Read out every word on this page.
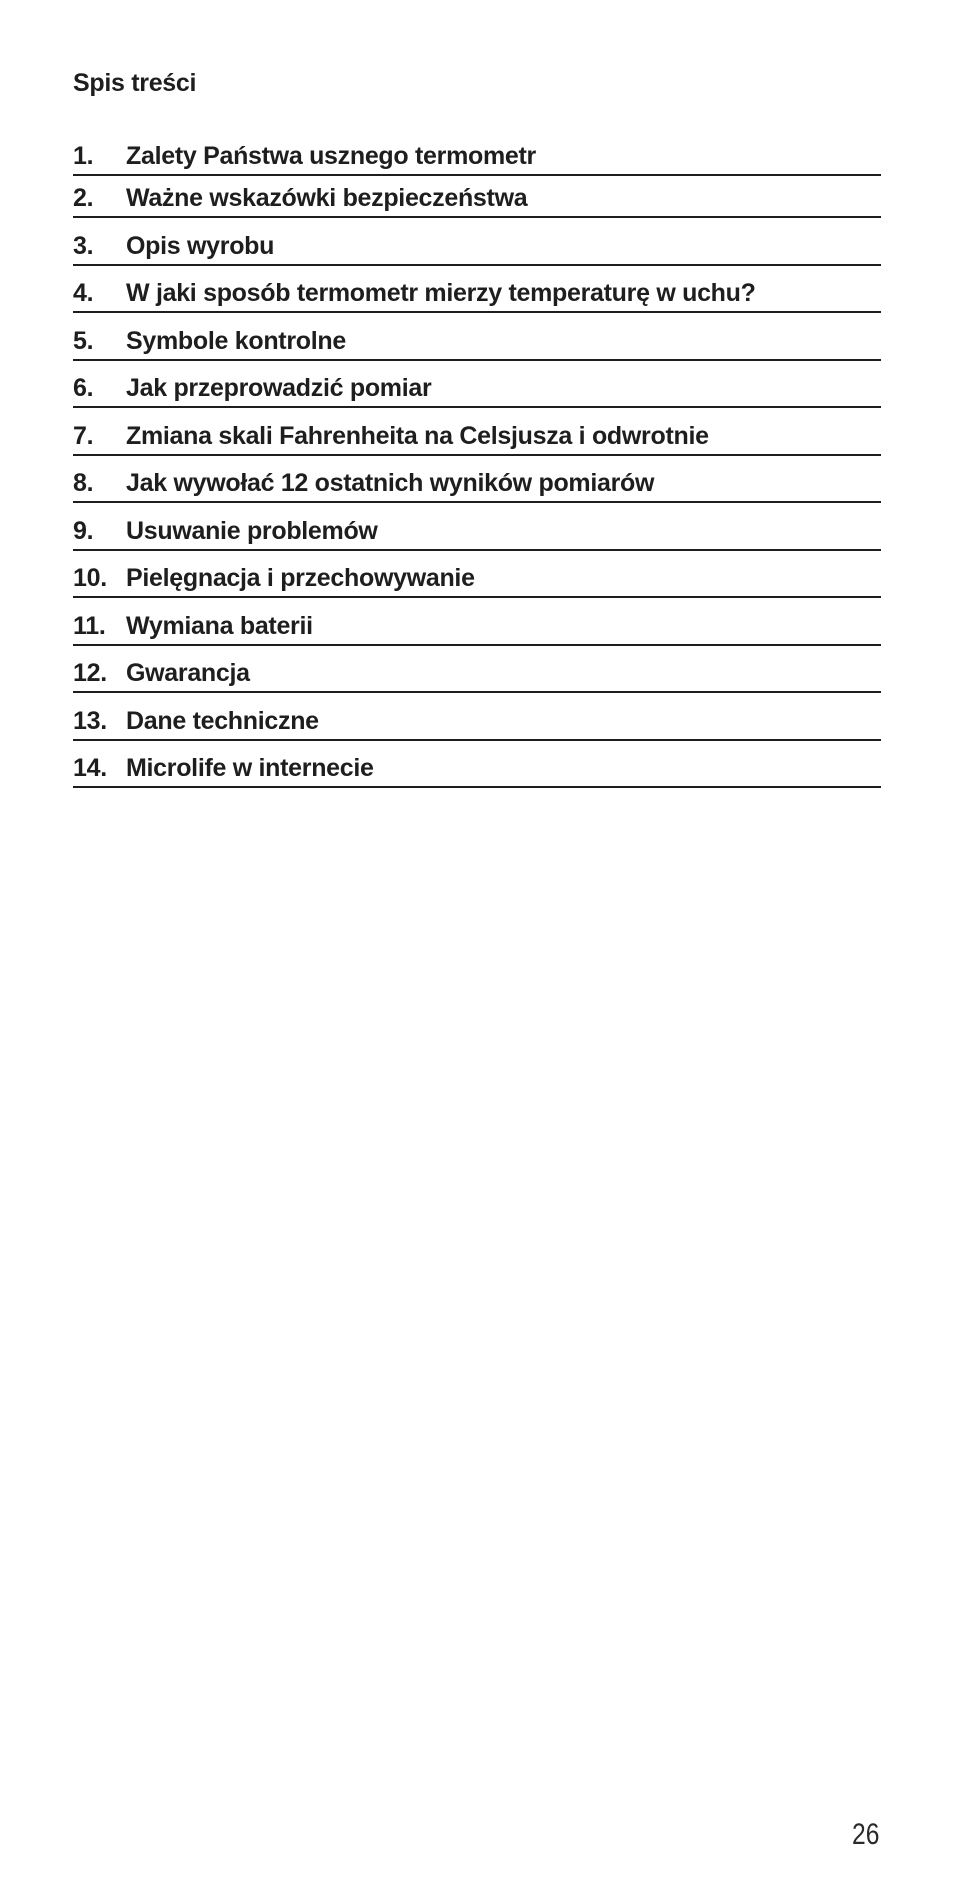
Spis treści
1. Zalety Państwa usznego termometr
2. Ważne wskazówki bezpieczeństwa
3. Opis wyrobu
4. W jaki sposób termometr mierzy temperaturę w uchu?
5. Symbole kontrolne
6. Jak przeprowadzić pomiar
7. Zmiana skali Fahrenheita na Celsjusza i odwrotnie
8. Jak wywołać 12 ostatnich wyników pomiarów
9. Usuwanie problemów
10. Pielęgnacja i przechowywanie
11. Wymiana baterii
12. Gwarancja
13. Dane techniczne
14. Microlife w internecie
26
